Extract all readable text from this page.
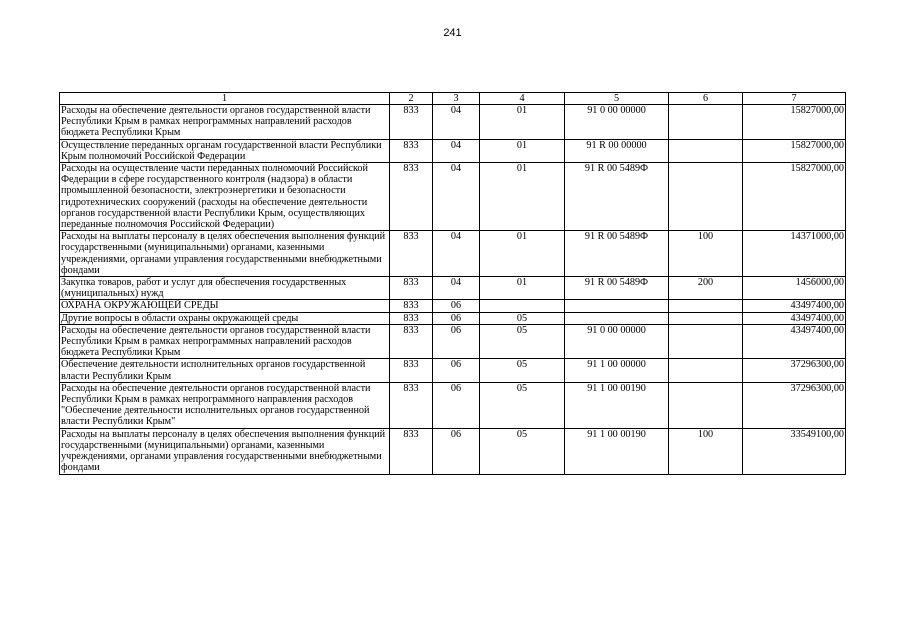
241
1	2	3	4	5	6	7
Расходы на обеспечение деятельности органов государственной власти Республики Крым в рамках непрограммных направлений расходов бюджета Республики Крым	833	04	01	91 0 00 00000		15827000,00
Осуществление переданных органам государственной власти Республики Крым полномочий Российской Федерации	833	04	01	91 R 00 00000		15827000,00
Расходы на осуществление части переданных полномочий Российской Федерации в сфере государственного контроля (надзора) в области промышленной безопасности, электроэнергетики и безопасности гидротехнических сооружений (расходы на обеспечение деятельности органов государственной власти Республики Крым, осуществляющих переданные полномочия Российской Федерации)	833	04	01	91 R 00 5489Ф		15827000,00
Расходы на выплаты персоналу в целях обеспечения выполнения функций государственными (муниципальными) органами, казенными учреждениями, органами управления государственными внебюджетными фондами	833	04	01	91 R 00 5489Ф	100	14371000,00
Закупка товаров, работ и услуг для обеспечения государственных (муниципальных) нужд	833	04	01	91 R 00 5489Ф	200	1456000,00
ОХРАНА ОКРУЖАЮЩЕЙ СРЕДЫ	833	06				43497400,00
Другие вопросы в области охраны окружающей среды	833	06	05			43497400,00
Расходы на обеспечение деятельности органов государственной власти Республики Крым в рамках непрограммных направлений расходов бюджета Республики Крым	833	06	05	91 0 00 00000		43497400,00
Обеспечение деятельности исполнительных органов государственной власти Республики Крым	833	06	05	91 1 00 00000		37296300,00
Расходы на обеспечение деятельности органов государственной власти Республики Крым в рамках непрограммного направления расходов "Обеспечение деятельности исполнительных органов государственной власти Республики Крым"	833	06	05	91 1 00 00190		37296300,00
Расходы на выплаты персоналу в целях обеспечения выполнения функций государственными (муниципальными) органами, казенными учреждениями, органами управления государственными внебюджетными фондами	833	06	05	91 1 00 00190	100	33549100,00
